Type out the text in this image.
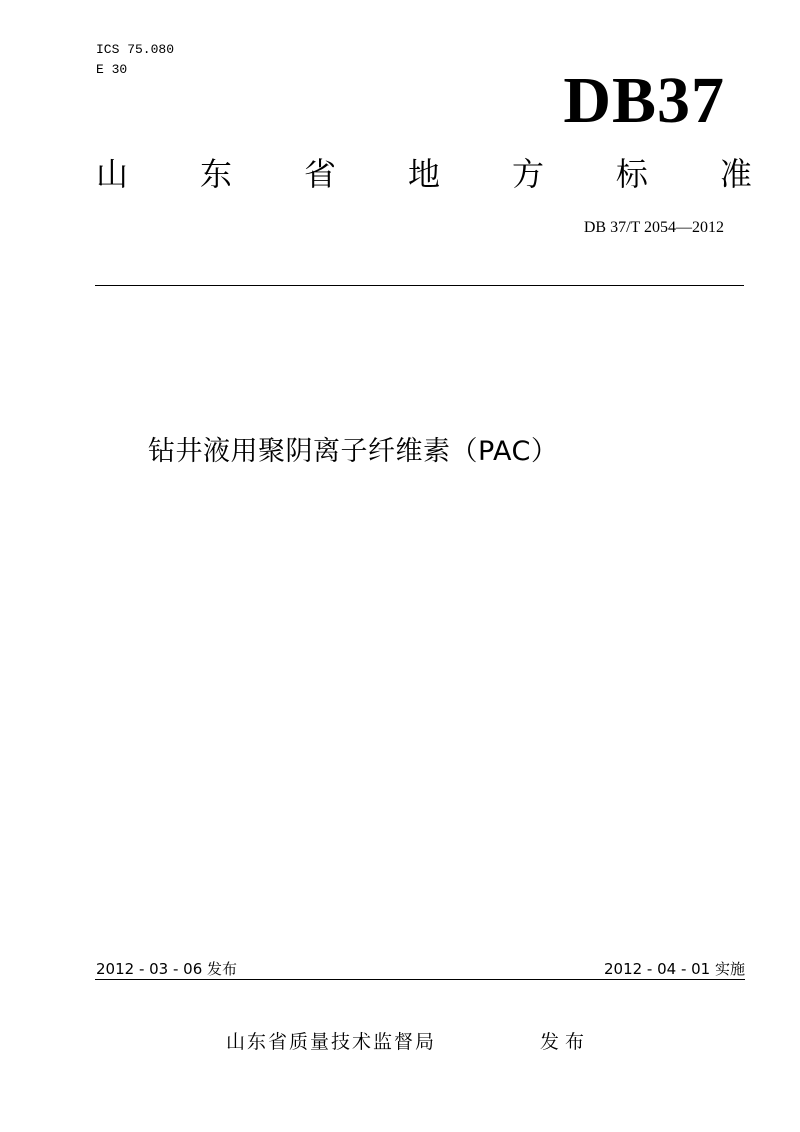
ICS 75.080
E 30	DB37
山 东 省 地 方 标 准
DB 37/T 2054—2012
钻井液用聚阴离子纤维素（PAC）
2012 - 03 - 06 发布	2012 - 04 - 01 实施
山东省质量技术监督局	发布
